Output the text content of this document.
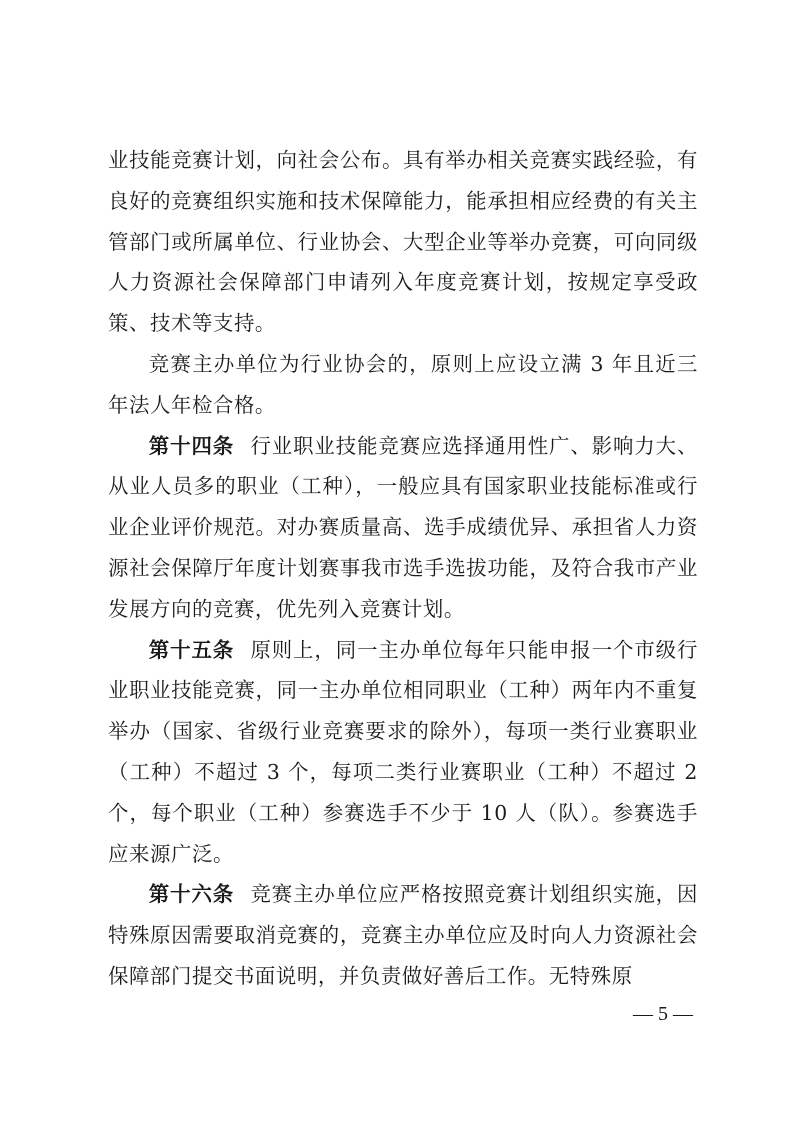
业技能竞赛计划，向社会公布。具有举办相关竞赛实践经验，有良好的竞赛组织实施和技术保障能力，能承担相应经费的有关主管部门或所属单位、行业协会、大型企业等举办竞赛，可向同级人力资源社会保障部门申请列入年度竞赛计划，按规定享受政策、技术等支持。

竞赛主办单位为行业协会的，原则上应设立满 3 年且近三年法人年检合格。

第十四条 行业职业技能竞赛应选择通用性广、影响力大、从业人员多的职业（工种），一般应具有国家职业技能标准或行业企业评价规范。对办赛质量高、选手成绩优异、承担省人力资源社会保障厅年度计划赛事我市选手选拔功能，及符合我市产业发展方向的竞赛，优先列入竞赛计划。

第十五条 原则上，同一主办单位每年只能申报一个市级行业职业技能竞赛，同一主办单位相同职业（工种）两年内不重复举办（国家、省级行业竞赛要求的除外），每项一类行业赛职业（工种）不超过 3 个，每项二类行业赛职业（工种）不超过 2 个，每个职业（工种）参赛选手不少于 10 人（队）。参赛选手应来源广泛。

第十六条 竞赛主办单位应严格按照竞赛计划组织实施，因特殊原因需要取消竞赛的，竞赛主办单位应及时向人力资源社会保障部门提交书面说明，并负责做好善后工作。无特殊原

— 5 —
